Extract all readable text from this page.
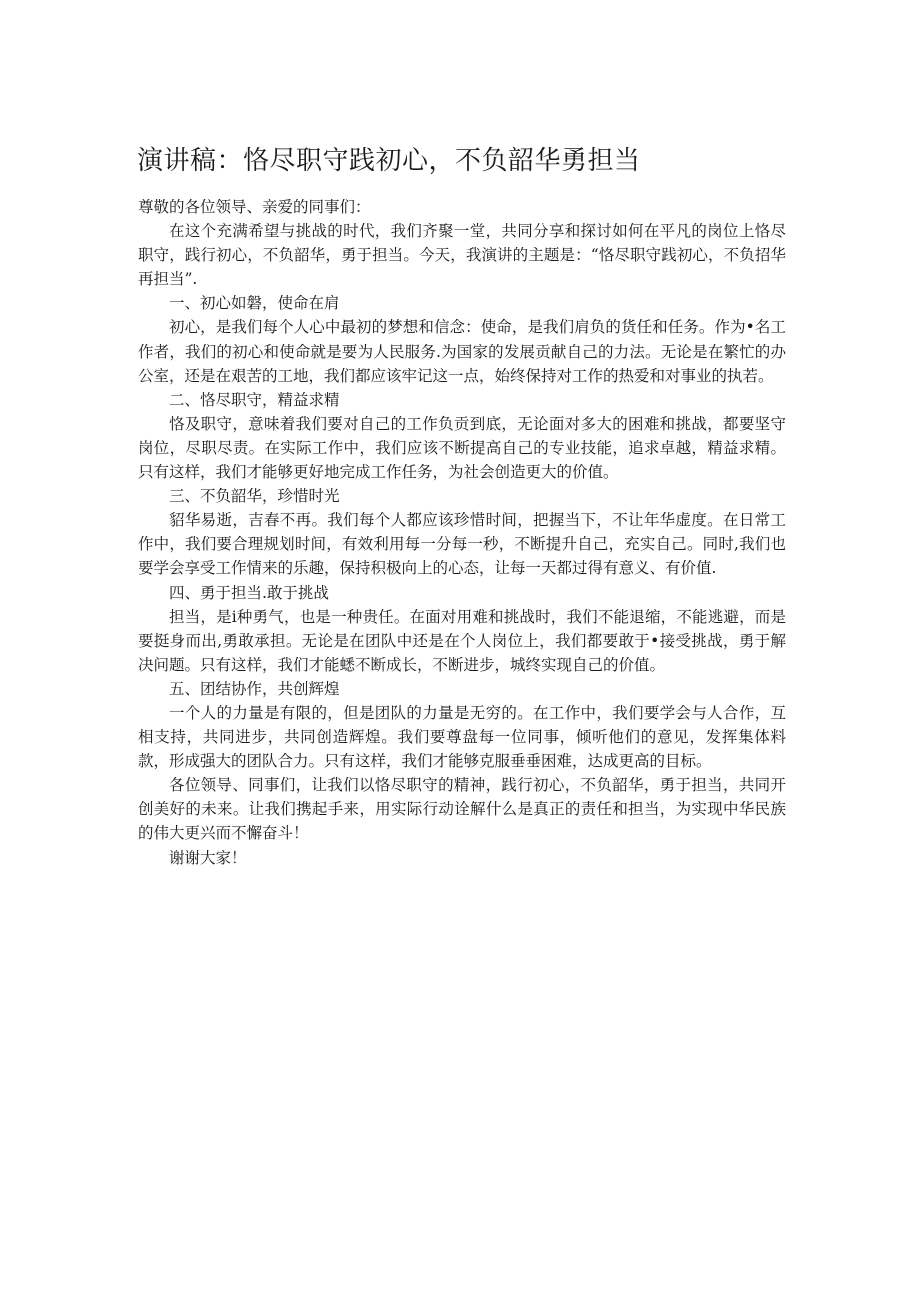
演讲稿：恪尽职守践初心，不负韶华勇担当

尊敬的各位领导、亲爱的同事们：

在这个充满希望与挑战的时代，我们齐聚一堂，共同分享和探讨如何在平凡的岗位上恪尽职守，践行初心，不负韶华，勇于担当。今天，我演讲的主题是：“恪尽职守践初心，不负招华再担当”.

一、初心如磐，使命在肩

初心，是我们每个人心中最初的梦想和信念：使命，是我们肩负的货任和任务。作为•名工作者，我们的初心和使命就是要为人民服务.为国家的发展贡献自己的力法。无论是在繁忙的办公室，还是在艰苦的工地，我们都应该牢记这一点，始终保持对工作的热爱和对事业的执若。

二、恪尽职守，精益求精

恪及职守，意味着我们要对自己的工作负贡到底，无论面对多大的困难和挑战，都要坚守岗位，尽职尽责。在实际工作中，我们应该不断提高自己的专业技能，追求卓越，精益求精。只有这样，我们才能够更好地完成工作任务，为社会创造更大的价值。

三、不负韶华，珍惜时光

貂华易逝，吉春不再。我们每个人都应该珍惜时间，把握当下，不让年华虚度。在日常工作中，我们要合理规划时间，有效利用每一分每一秒，不断提升自己，充实自己。同时,我们也要学会享受工作情来的乐趣，保持积极向上的心态，让每一天都过得有意义、有价值.

四、勇于担当.敢于挑战

担当，是i种勇气，也是一种贵任。在面对用难和挑战时，我们不能退缩，不能逃避，而是要挺身而出,勇敢承担。无论是在团队中还是在个人岗位上，我们都要敢于•接受挑战，勇于解决问题。只有这样，我们才能蟋不断成长，不断进步，城终实现自己的价值。

五、团结协作，共创辉煌

一个人的力量是有限的，但是团队的力量是无穷的。在工作中，我们要学会与人合作，互相支持，共同进步，共同创造辉煌。我们要尊盘每一位同事，倾听他们的意见，发挥集体料款，形成强大的团队合力。只有这样，我们才能够克服垂垂困难，达成更高的目标。

各位领导、同事们，让我们以恪尽职守的精神，践行初心，不负韶华，勇于担当，共同开创美好的未来。让我们携起手来，用实际行动诠解什么是真正的责任和担当，为实现中华民族的伟大更兴而不懈奋斗！

谢谢大家！
